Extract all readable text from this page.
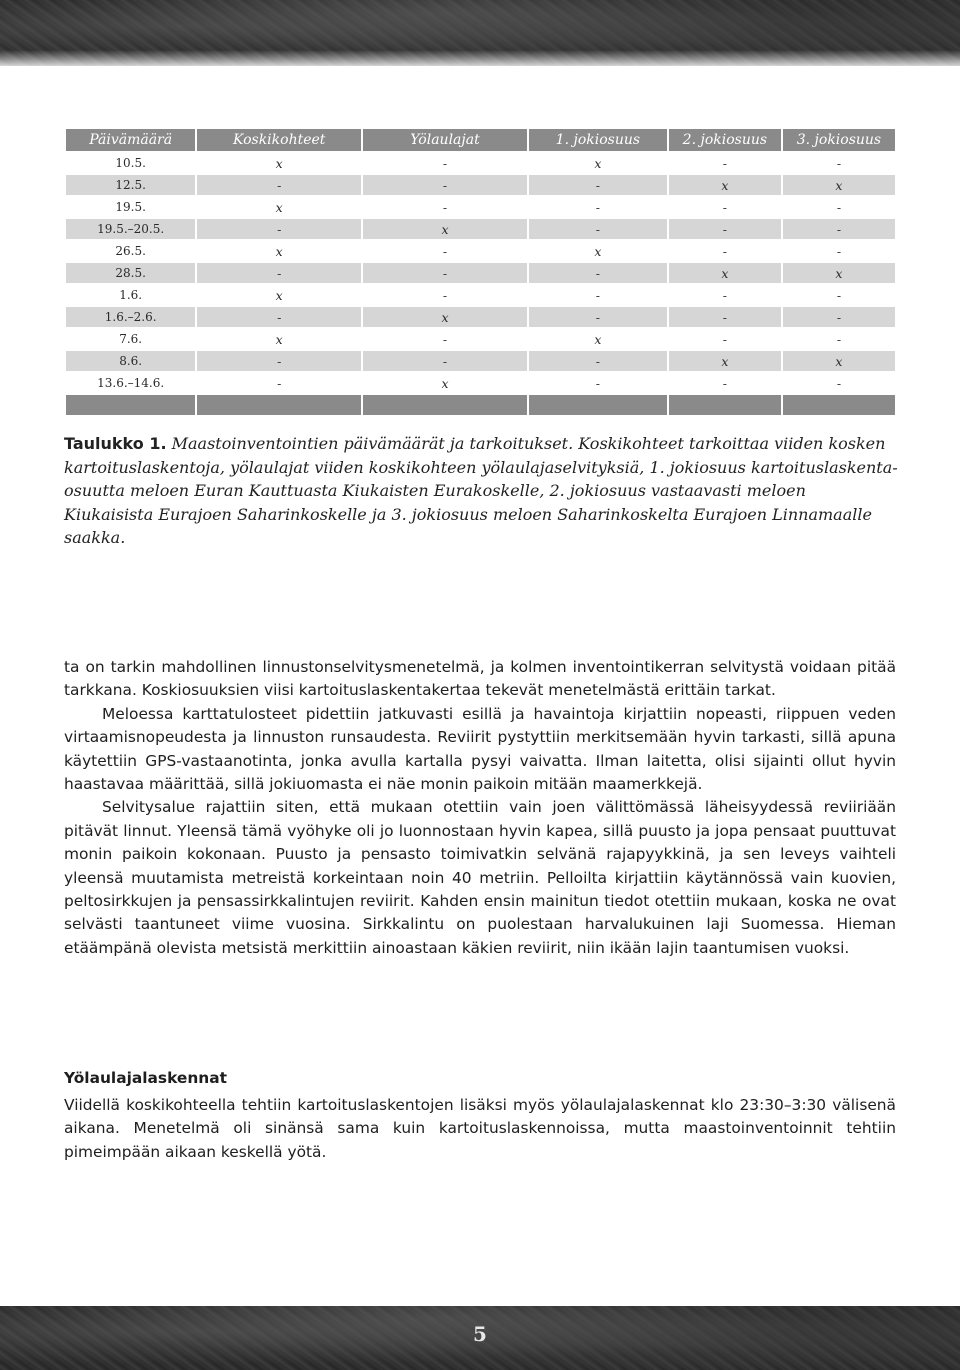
Päivämäärä	Koskikohteet	Yölaulajat	1. jokiosuus	2. jokiosuus	3. jokiosuus
10.5.	x	-	x	-	-
12.5.	-	-	-	x	x
19.5.	x	-	-	-	-
19.5.–20.5.	-	x	-	-	-
26.5.	x	-	x	-	-
28.5.	-	-	-	x	x
1.6.	x	-	-	-	-
1.6.–2.6.	-	x	-	-	-
7.6.	x	-	x	-	-
8.6.	-	-	-	x	x
13.6.–14.6.	-	x	-	-	-

Taulukko 1. Maastoinventointien päivämäärät ja tarkoitukset. Koskikohteet tarkoittaa viiden kosken kartoituslaskentoja, yölaulajat viiden koskikohteen yölaulajaselvityksiä, 1. jokiosuus kartoituslaskenta-osuutta meloen Euran Kauttuasta Kiukaisten Eurakoskelle, 2. jokiosuus vastaavasti meloen Kiukaisista Eurajoen Saharinkoskelle ja 3. jokiosuus meloen Saharinkoskelta Eurajoen Linnamaalle saakka.

ta on tarkin mahdollinen linnustonselvitysmenetelmä, ja kolmen inventointikerran selvitystä voidaan pitää tarkkana. Koskiosuuksien viisi kartoituslaskentakertaa tekevät menetelmästä erittäin tarkat.

Meloessa karttatulosteet pidettiin jatkuvasti esillä ja havaintoja kirjattiin nopeasti, riippuen veden virtaamisnopeudesta ja linnuston runsaudesta. Reviirit pystyttiin merkitsemään hyvin tarkasti, sillä apuna käytettiin GPS-vastaanotinta, jonka avulla kartalla pysyi vaivatta. Ilman laitetta, olisi sijainti ollut hyvin haastavaa määrittää, sillä jokiuomasta ei näe monin paikoin mitään maamerkkejä.

Selvitysalue rajattiin siten, että mukaan otettiin vain joen välittömässä läheisyydessä reviiriään pitävät linnut. Yleensä tämä vyöhyke oli jo luonnostaan hyvin kapea, sillä puusto ja jopa pensaat puuttuvat monin paikoin kokonaan. Puusto ja pensasto toimivatkin selvänä rajapyykkinä, ja sen leveys vaihteli yleensä muutamista metreistä korkeintaan noin 40 metriin. Pelloilta kirjattiin käytännössä vain kuovien, peltosirkkujen ja pensassirkkalintujen reviirit. Kahden ensin mainitun tiedot otettiin mukaan, koska ne ovat selvästi taantuneet viime vuosina. Sirkkalintu on puolestaan harvalukuinen laji Suomessa. Hieman etäämpänä olevista metsistä merkittiin ainoastaan käkien reviirit, niin ikään lajin taantumisen vuoksi.

Yölaulajalaskennat
Viidellä koskikohteella tehtiin kartoituslaskentojen lisäksi myös yölaulajalaskennat klo 23:30–3:30 välisenä aikana. Menetelmä oli sinänsä sama kuin kartoituslaskennoissa, mutta maastoinventoinnit tehtiin pimeimpään aikaan keskellä yötä.
5
